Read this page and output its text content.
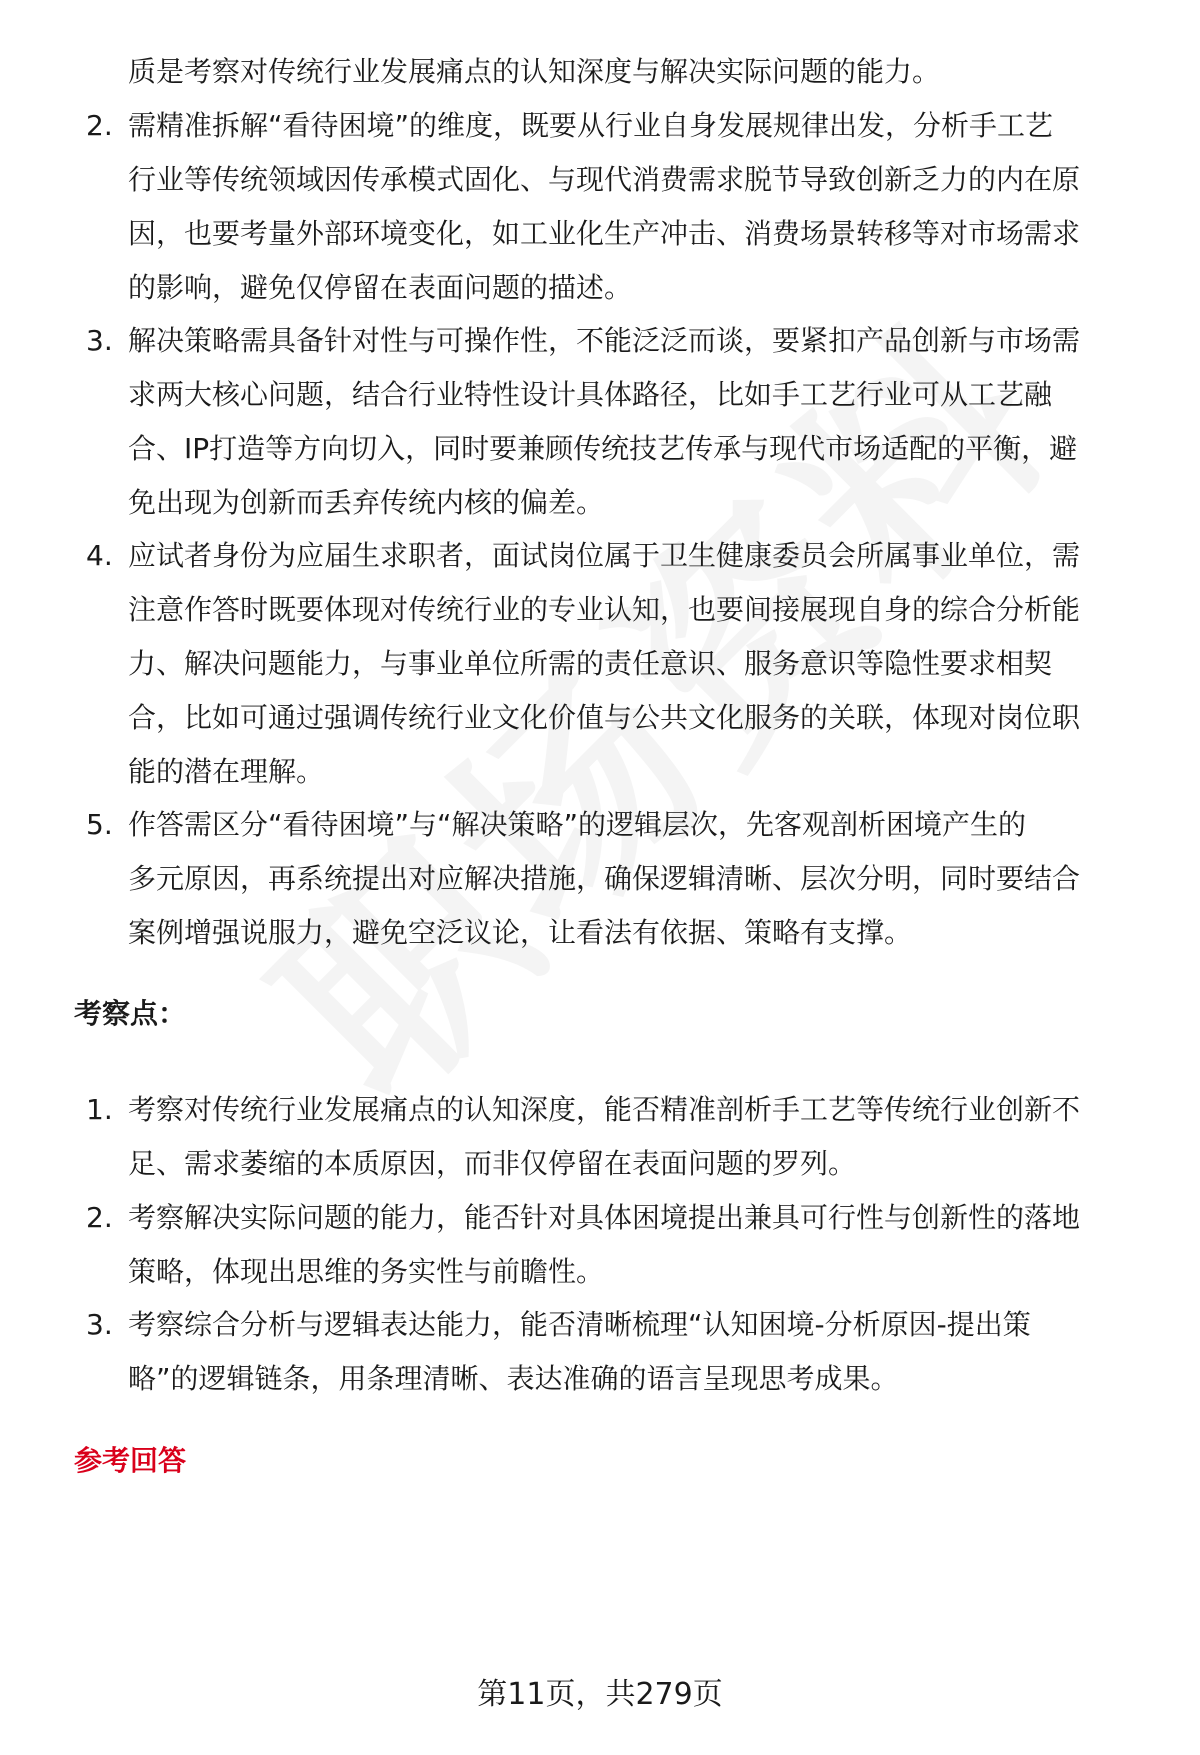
质是考察对传统行业发展痛点的认知深度与解决实际问题的能力。
2. 需精准拆解“看待困境”的维度，既要从行业自身发展规律出发，分析手工艺
行业等传统领域因传承模式固化、与现代消费需求脱节导致创新乏力的内在原
因，也要考量外部环境变化，如工业化生产冲击、消费场景转移等对市场需求
的影响，避免仅停留在表面问题的描述。
3. 解决策略需具备针对性与可操作性，不能泛泛而谈，要紧扣产品创新与市场需
求两大核心问题，结合行业特性设计具体路径，比如手工艺行业可从工艺融
合、IP打造等方向切入，同时要兼顾传统技艺传承与现代市场适配的平衡，避
免出现为创新而丢弃传统内核的偏差。
4. 应试者身份为应届生求职者，面试岗位属于卫生健康委员会所属事业单位，需
注意作答时既要体现对传统行业的专业认知，也要间接展现自身的综合分析能
力、解决问题能力，与事业单位所需的责任意识、服务意识等隐性要求相契
合，比如可通过强调传统行业文化价值与公共文化服务的关联，体现对岗位职
能的潜在理解。
5. 作答需区分“看待困境”与“解决策略”的逻辑层次，先客观剖析困境产生的
多元原因，再系统提出对应解决措施，确保逻辑清晰、层次分明，同时要结合
案例增强说服力，避免空泛议论，让看法有依据、策略有支撑。
考察点：
1. 考察对传统行业发展痛点的认知深度，能否精准剖析手工艺等传统行业创新不
足、需求萎缩的本质原因，而非仅停留在表面问题的罗列。
2. 考察解决实际问题的能力，能否针对具体困境提出兼具可行性与创新性的落地
策略，体现出思维的务实性与前瞻性。
3. 考察综合分析与逻辑表达能力，能否清晰梳理“认知困境-分析原因-提出策
略”的逻辑链条，用条理清晰、表达准确的语言呈现思考成果。
参考回答
第11页，共279页
